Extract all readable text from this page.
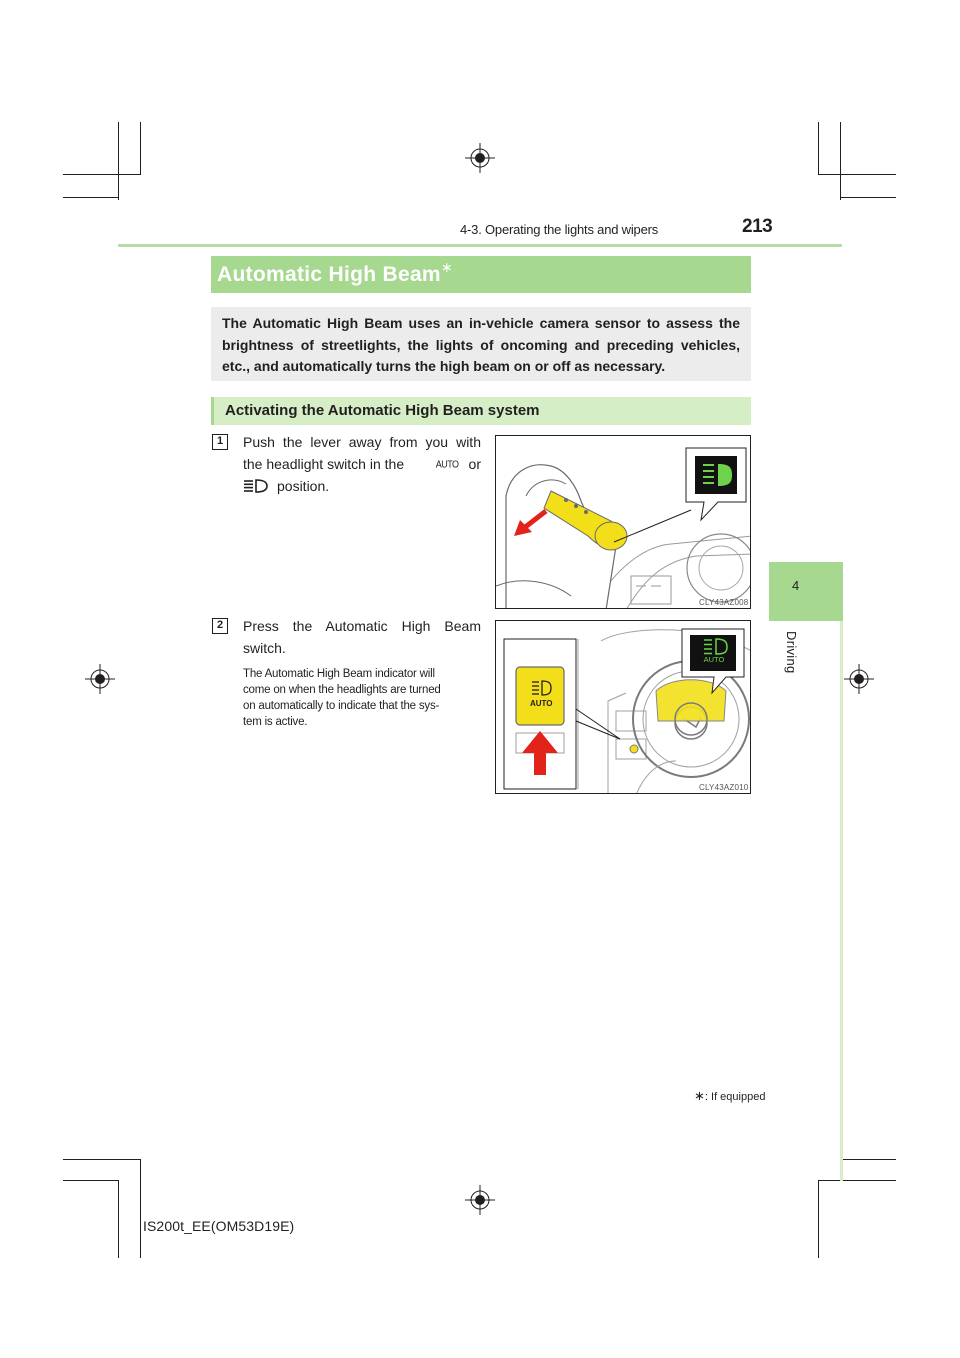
4-3. Operating the lights and wipers	213
4
Driving
Automatic High Beam∗
The Automatic High Beam uses an in-vehicle camera sensor to assess the brightness of streetlights, the lights of oncoming and preceding vehicles, etc., and automatically turns the high beam on or off as necessary.
Activating the Automatic High Beam system
1	Push the lever away from you with
the headlight switch in the	AUTO or
position.
CLY43AZ008
2	Press the Automatic High Beam
switch.
The Automatic High Beam indicator will
come on when the headlights are turned
on automatically to indicate that the sys-
tem is active.
AUTO
AUTO
CLY43AZ010
∗: If equipped
IS200t_EE(OM53D19E)
